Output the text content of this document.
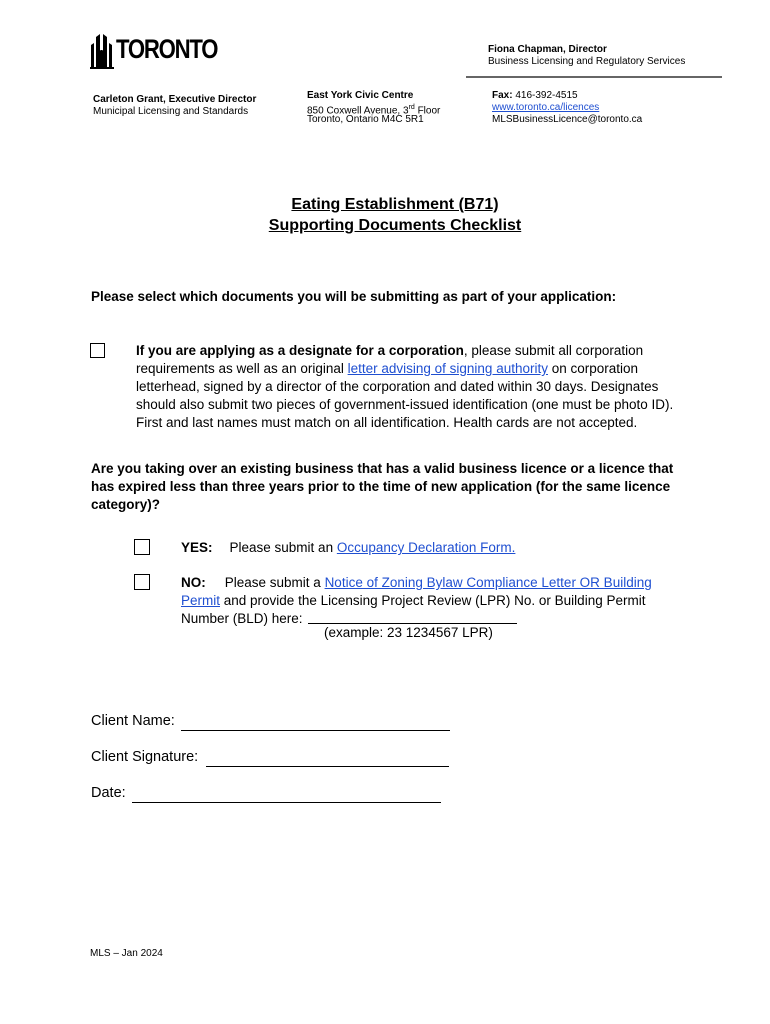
TORONTO	Fiona Chapman, Director
Business Licensing and Regulatory Services
Carleton Grant, Executive Director
Municipal Licensing and Standards
East York Civic Centre
850 Coxwell Avenue, 3rd Floor
Toronto, Ontario M4C 5R1
Fax: 416-392-4515
www.toronto.ca/licences
MLSBusinessLicence@toronto.ca
Eating Establishment (B71)
Supporting Documents Checklist
Please select which documents you will be submitting as part of your application:
If you are applying as a designate for a corporation, please submit all corporation requirements as well as an original letter advising of signing authority on corporation letterhead, signed by a director of the corporation and dated within 30 days. Designates should also submit two pieces of government-issued identification (one must be photo ID). First and last names must match on all identification. Health cards are not accepted.
Are you taking over an existing business that has a valid business licence or a licence that has expired less than three years prior to the time of new application (for the same licence category)?
YES: Please submit an Occupancy Declaration Form.
NO: Please submit a Notice of Zoning Bylaw Compliance Letter OR Building Permit and provide the Licensing Project Review (LPR) No. or Building Permit Number (BLD) here:
(example: 23 1234567 LPR)
Client Name:
Client Signature:
Date:
MLS – Jan 2024
